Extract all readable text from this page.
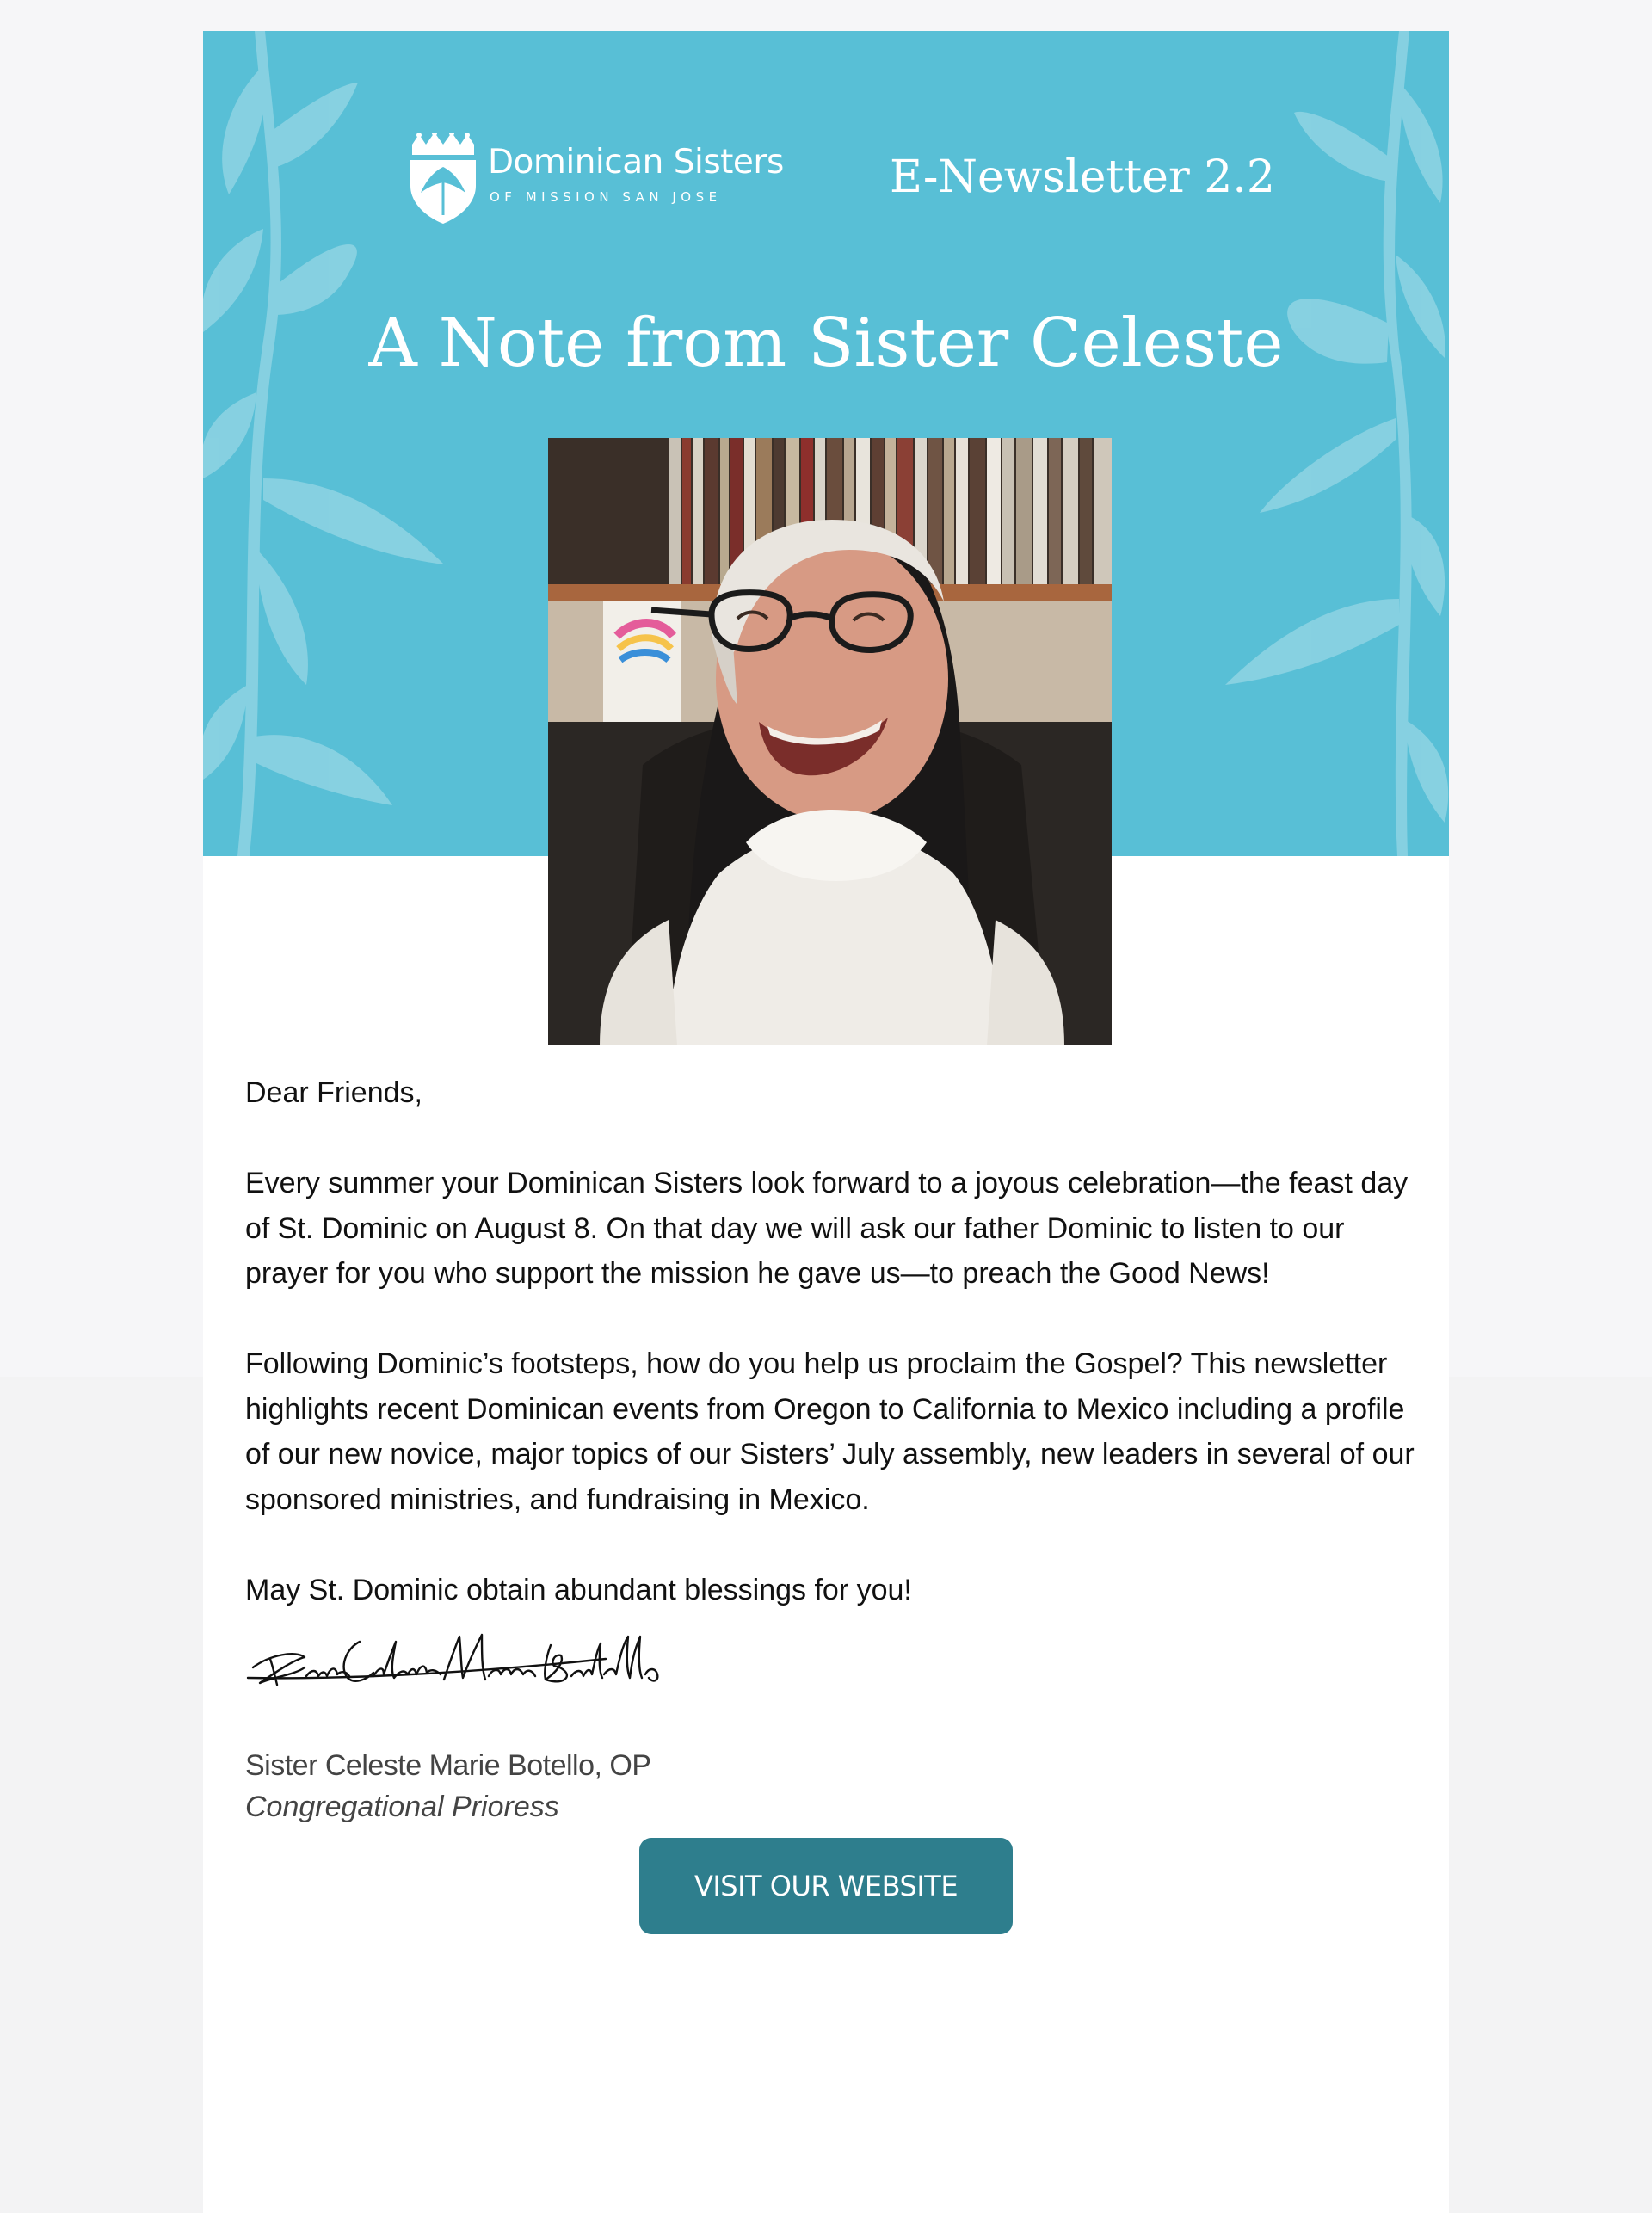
Dominican Sisters
OF MISSION SAN JOSE	E-Newsletter 2.2
A Note from Sister Celeste

Dear Friends,

Every summer your Dominican Sisters look forward to a joyous celebration—the feast day of St. Dominic on August 8. On that day we will ask our father Dominic to listen to our prayer for you who support the mission he gave us—to preach the Good News!

Following Dominic’s footsteps, how do you help us proclaim the Gospel? This newsletter highlights recent Dominican events from Oregon to California to Mexico including a profile of our new novice, major topics of our Sisters’ July assembly, new leaders in several of our sponsored ministries, and fundraising in Mexico.

May St. Dominic obtain abundant blessings for you!

Sister Celeste Marie Botello, OP
Congregational Prioress
VISIT OUR WEBSITE
